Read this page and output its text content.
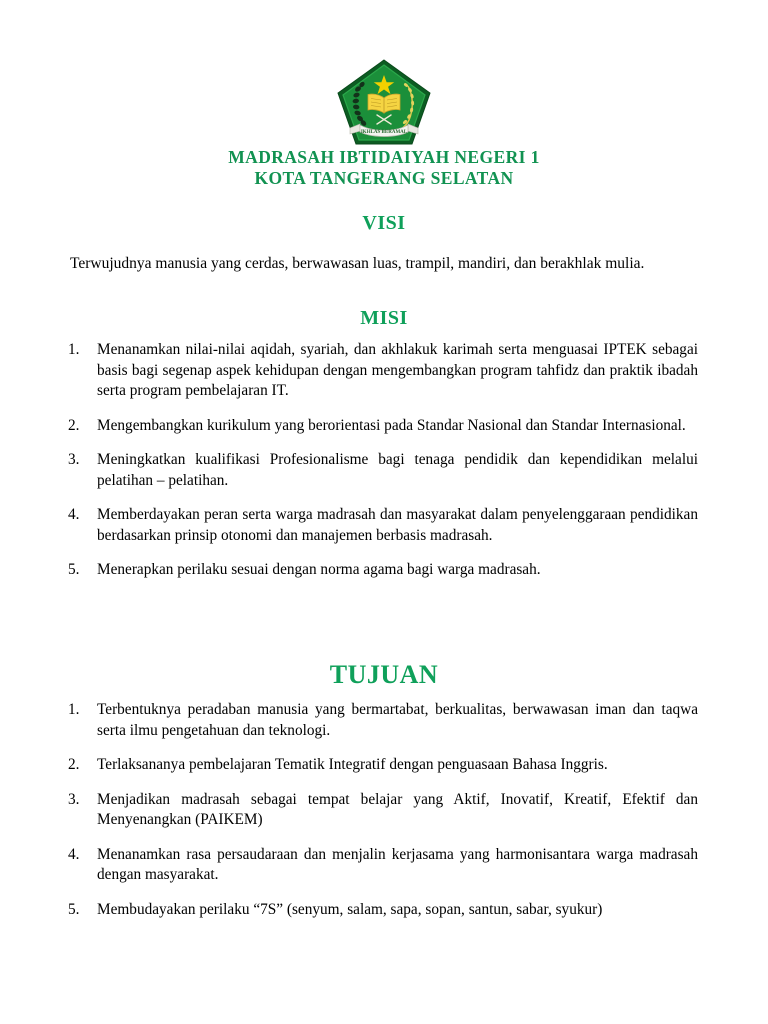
IKHLAS BERAMAL
MADRASAH IBTIDAIYAH NEGERI 1
KOTA TANGERANG SELATAN
VISI
Terwujudnya manusia yang cerdas, berwawasan luas, trampil, mandiri, dan berakhlak mulia.
MISI
1.	Menanamkan nilai-nilai aqidah, syariah, dan akhlakuk karimah serta menguasai IPTEK sebagai basis bagi segenap aspek kehidupan dengan mengembangkan program tahfidz dan praktik ibadah serta program pembelajaran IT.
2.	Mengembangkan kurikulum yang berorientasi pada Standar Nasional dan Standar Internasional.
3.	Meningkatkan kualifikasi Profesionalisme bagi tenaga pendidik dan kependidikan melalui pelatihan – pelatihan.
4.	Memberdayakan peran serta warga madrasah dan masyarakat dalam penyelenggaraan pendidikan berdasarkan prinsip otonomi dan manajemen berbasis madrasah.
5.	Menerapkan perilaku sesuai dengan norma agama bagi warga madrasah.
TUJUAN
1.	Terbentuknya peradaban manusia yang bermartabat, berkualitas, berwawasan iman dan taqwa serta ilmu pengetahuan dan teknologi.
2.	Terlaksananya pembelajaran Tematik Integratif dengan penguasaan Bahasa Inggris.
3.	Menjadikan madrasah sebagai tempat belajar yang Aktif, Inovatif, Kreatif, Efektif dan Menyenangkan (PAIKEM)
4.	Menanamkan rasa persaudaraan dan menjalin kerjasama yang harmonisantara warga madrasah dengan masyarakat.
5.	Membudayakan perilaku “7S” (senyum, salam, sapa, sopan, santun, sabar, syukur)
